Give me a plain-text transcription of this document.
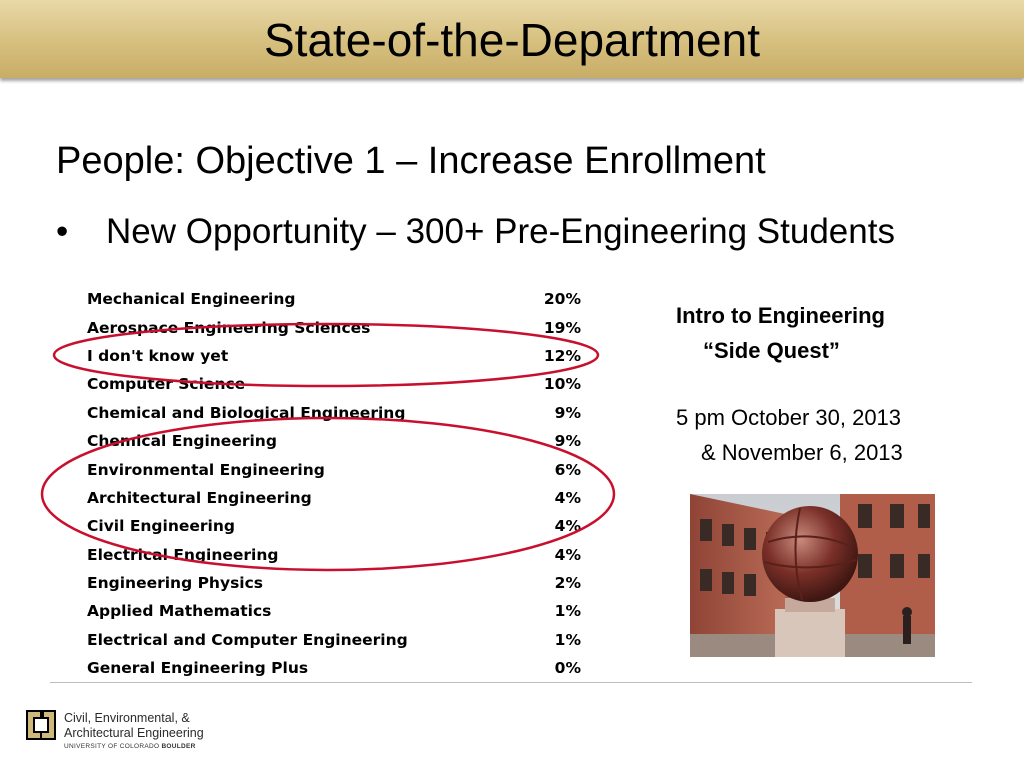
State-of-the-Department
People: Objective 1 – Increase Enrollment
• New Opportunity – 300+ Pre-Engineering Students
Mechanical Engineering	20%
Aerospace Engineering Sciences	19%
I don't know yet	12%
Computer Science	10%
Chemical and Biological Engineering	9%
Chemical Engineering	9%
Environmental Engineering	6%
Architectural Engineering	4%
Civil Engineering	4%
Electrical Engineering	4%
Engineering Physics	2%
Applied Mathematics	1%
Electrical and Computer Engineering	1%
General Engineering Plus	0%
Intro to Engineering
“Side Quest”
5 pm October 30, 2013
& November 6, 2013
Civil, Environmental, &
Architectural Engineering
UNIVERSITY OF COLORADO BOULDER
